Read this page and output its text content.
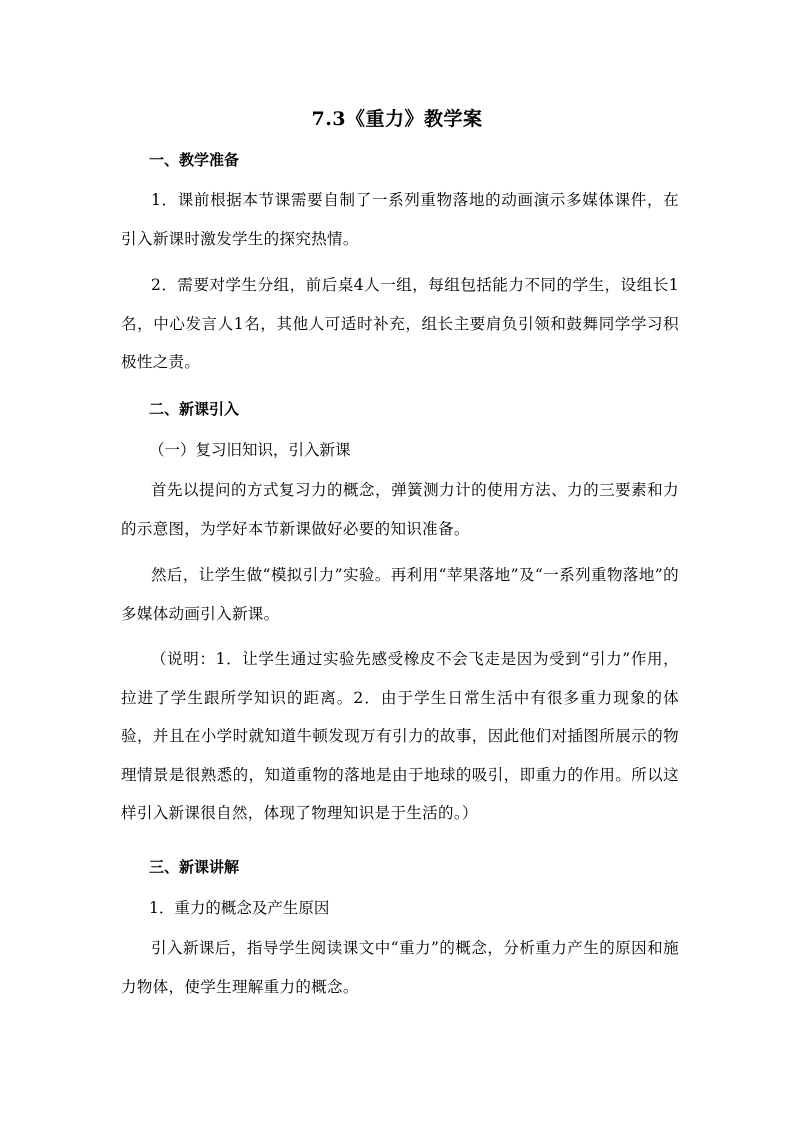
7.3《重力》教学案
一、教学准备

1．课前根据本节课需要自制了一系列重物落地的动画演示多媒体课件，在引入新课时激发学生的探究热情。

2．需要对学生分组，前后桌4人一组，每组包括能力不同的学生，设组长1名，中心发言人1名，其他人可适时补充，组长主要肩负引领和鼓舞同学学习积极性之责。

二、新课引入

（一）复习旧知识，引入新课

首先以提问的方式复习力的概念，弹簧测力计的使用方法、力的三要素和力的示意图，为学好本节新课做好必要的知识准备。

然后，让学生做“模拟引力”实验。再利用“苹果落地”及“一系列重物落地”的多媒体动画引入新课。

（说明：1．让学生通过实验先感受橡皮不会飞走是因为受到“引力”作用，拉进了学生跟所学知识的距离。2．由于学生日常生活中有很多重力现象的体验，并且在小学时就知道牛顿发现万有引力的故事，因此他们对插图所展示的物理情景是很熟悉的，知道重物的落地是由于地球的吸引，即重力的作用。所以这样引入新课很自然，体现了物理知识是于生活的。）

三、新课讲解

1．重力的概念及产生原因

引入新课后，指导学生阅读课文中“重力”的概念，分析重力产生的原因和施力物体，使学生理解重力的概念。
